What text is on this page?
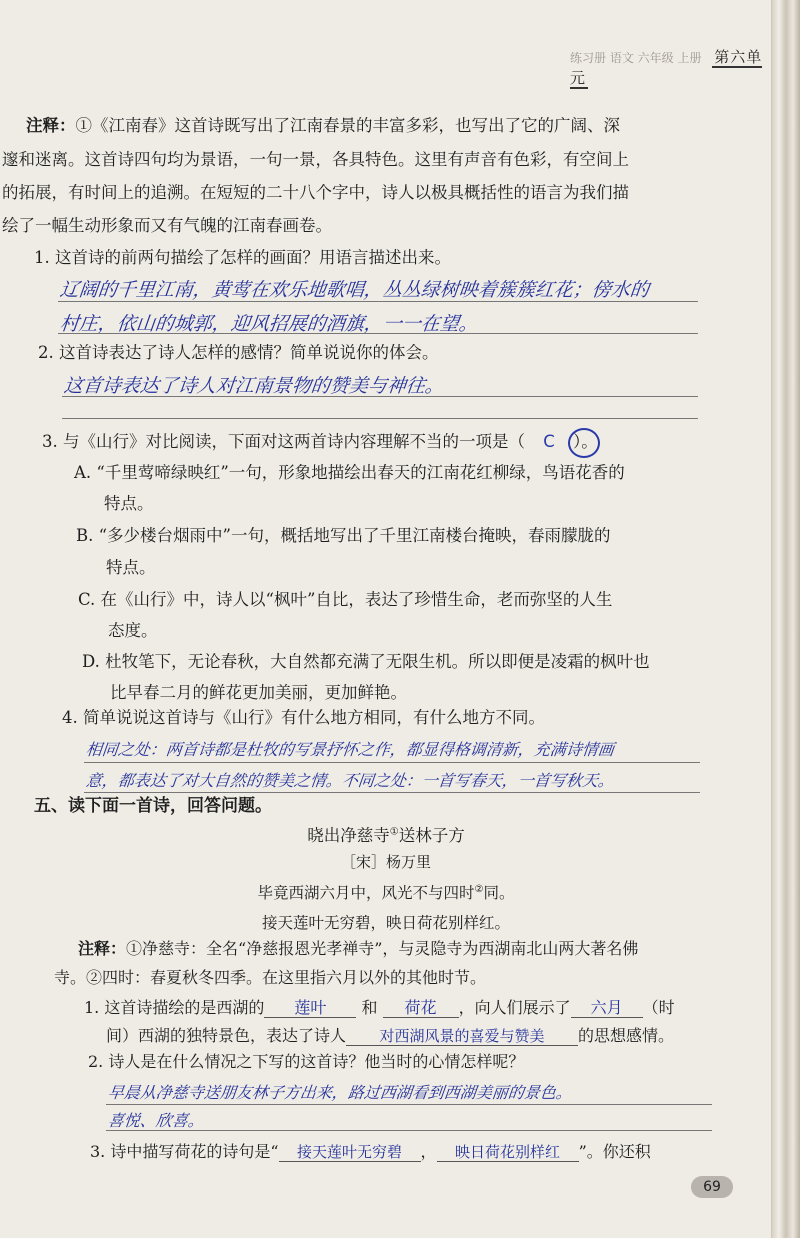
练习册 语文 六年级 上册 第六单元
注释：①《江南春》这首诗既写出了江南春景的丰富多彩，也写出了它的广阔、深
邃和迷离。这首诗四句均为景语，一句一景，各具特色。这里有声音有色彩，有空间上
的拓展，有时间上的追溯。在短短的二十八个字中，诗人以极具概括性的语言为我们描
绘了一幅生动形象而又有气魄的江南春画卷。
1. 这首诗的前两句描绘了怎样的画面？用语言描述出来。
辽阔的千里江南，黄莺在欢乐地歌唱，丛丛绿树映着簇簇红花；傍水的
村庄，依山的城郭，迎风招展的酒旗，一一在望。
2. 这首诗表达了诗人怎样的感情？简单说说你的体会。
这首诗表达了诗人对江南景物的赞美与神往。
3. 与《山行》对比阅读，下面对这两首诗内容理解不当的一项是（ C ）。
A. “千里莺啼绿映红”一句，形象地描绘出春天的江南花红柳绿，鸟语花香的
特点。
B. “多少楼台烟雨中”一句，概括地写出了千里江南楼台掩映，春雨朦胧的
特点。
C. 在《山行》中，诗人以“枫叶”自比，表达了珍惜生命，老而弥坚的人生
态度。
D. 杜牧笔下，无论春秋，大自然都充满了无限生机。所以即便是凌霜的枫叶也
比早春二月的鲜花更加美丽，更加鲜艳。
4. 简单说说这首诗与《山行》有什么地方相同，有什么地方不同。
相同之处：两首诗都是杜牧的写景抒怀之作，都显得格调清新，充满诗情画
意，都表达了对大自然的赞美之情。不同之处：一首写春天，一首写秋天。
五、读下面一首诗，回答问题。
晓出净慈寺①送林子方
［宋］杨万里
毕竟西湖六月中，风光不与四时②同。
接天莲叶无穷碧，映日荷花别样红。
注释：①净慈寺：全名“净慈报恩光孝禅寺”，与灵隐寺为西湖南北山两大著名佛
寺。②四时：春夏秋冬四季。在这里指六月以外的其他时节。
1. 这首诗描绘的是西湖的 莲叶 和 荷花 ，向人们展示了 六月 （时
间）西湖的独特景色，表达了诗人 对西湖风景的喜爱与赞美 的思想感情。
2. 诗人是在什么情况之下写的这首诗？他当时的心情怎样呢？
早晨从净慈寺送朋友林子方出来，路过西湖看到西湖美丽的景色。
喜悦、欣喜。
3. 诗中描写荷花的诗句是“ 接天莲叶无穷碧 ， 映日荷花别样红 ”。你还积
69
